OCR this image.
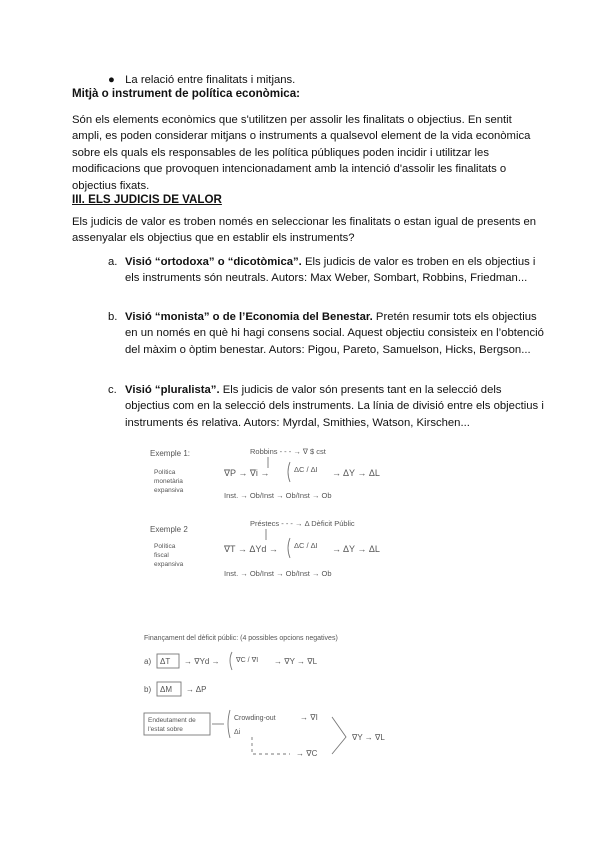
● La relació entre finalitats i mitjans.
Mitjà o instrument de política econòmica:
Són els elements econòmics que s'utilitzen per assolir les finalitats o objectius. En sentit ampli, es poden considerar mitjans o instruments a qualsevol element de la vida econòmica sobre els quals els responsables de les política públiques poden incidir i utilitzar les modificacions que provoquen intencionadament amb la intenció d'assolir les finalitats o objectius fixats.
III. ELS JUDICIS DE VALOR
Els judicis de valor es troben només en seleccionar les finalitats o estan igual de presents en assenyalar els objectius que en establir els instruments?
a. Visió “ortodoxa” o “dicotòmica”. Els judicis de valor es troben en els objectius i els instruments són neutrals. Autors: Max Weber, Sombart, Robbins, Friedman...
b. Visió “monista” o de l’Economia del Benestar. Pretén resumir tots els objectius en un només en què hi hagi consens social. Aquest objectiu consisteix en l’obtenció del màxim o òptim benestar. Autors: Pigou, Pareto, Samuelson, Hicks, Bergson...
c. Visió “pluralista”. Els judicis de valor són presents tant en la selecció dels objectius com en la selecció dels instruments. La línia de divisió entre els objectius i instruments és relativa. Autors: Myrdal, Smithies, Watson, Kirschen...
Exemple 1:
Política
monetària
expansiva
Robbins - - - → ∇ $ cst
∇P → ∇i →	ΔC / ΔI → ΔY → ΔL
Inst. → Ob/Inst → Ob/Inst → Ob
Exemple 2
Política
fiscal
expansiva
Préstecs - - - → Δ Dèficit Públic
∇T → ΔYd → ΔC / ΔI → ΔY → ΔL
Inst. → Ob/Inst → Ob/Inst → Ob
Finançament del dèficit públic: (4 possibles opcions negatives)
a) ΔT → ∇Yd → ∇C / ∇I → ∇Y → ∇L
b) ΔM → ΔP
Endeutament de
l'estat sobre
Crowding-out
Δi
→ ∇I
→ ∇C
∇Y → ∇L
